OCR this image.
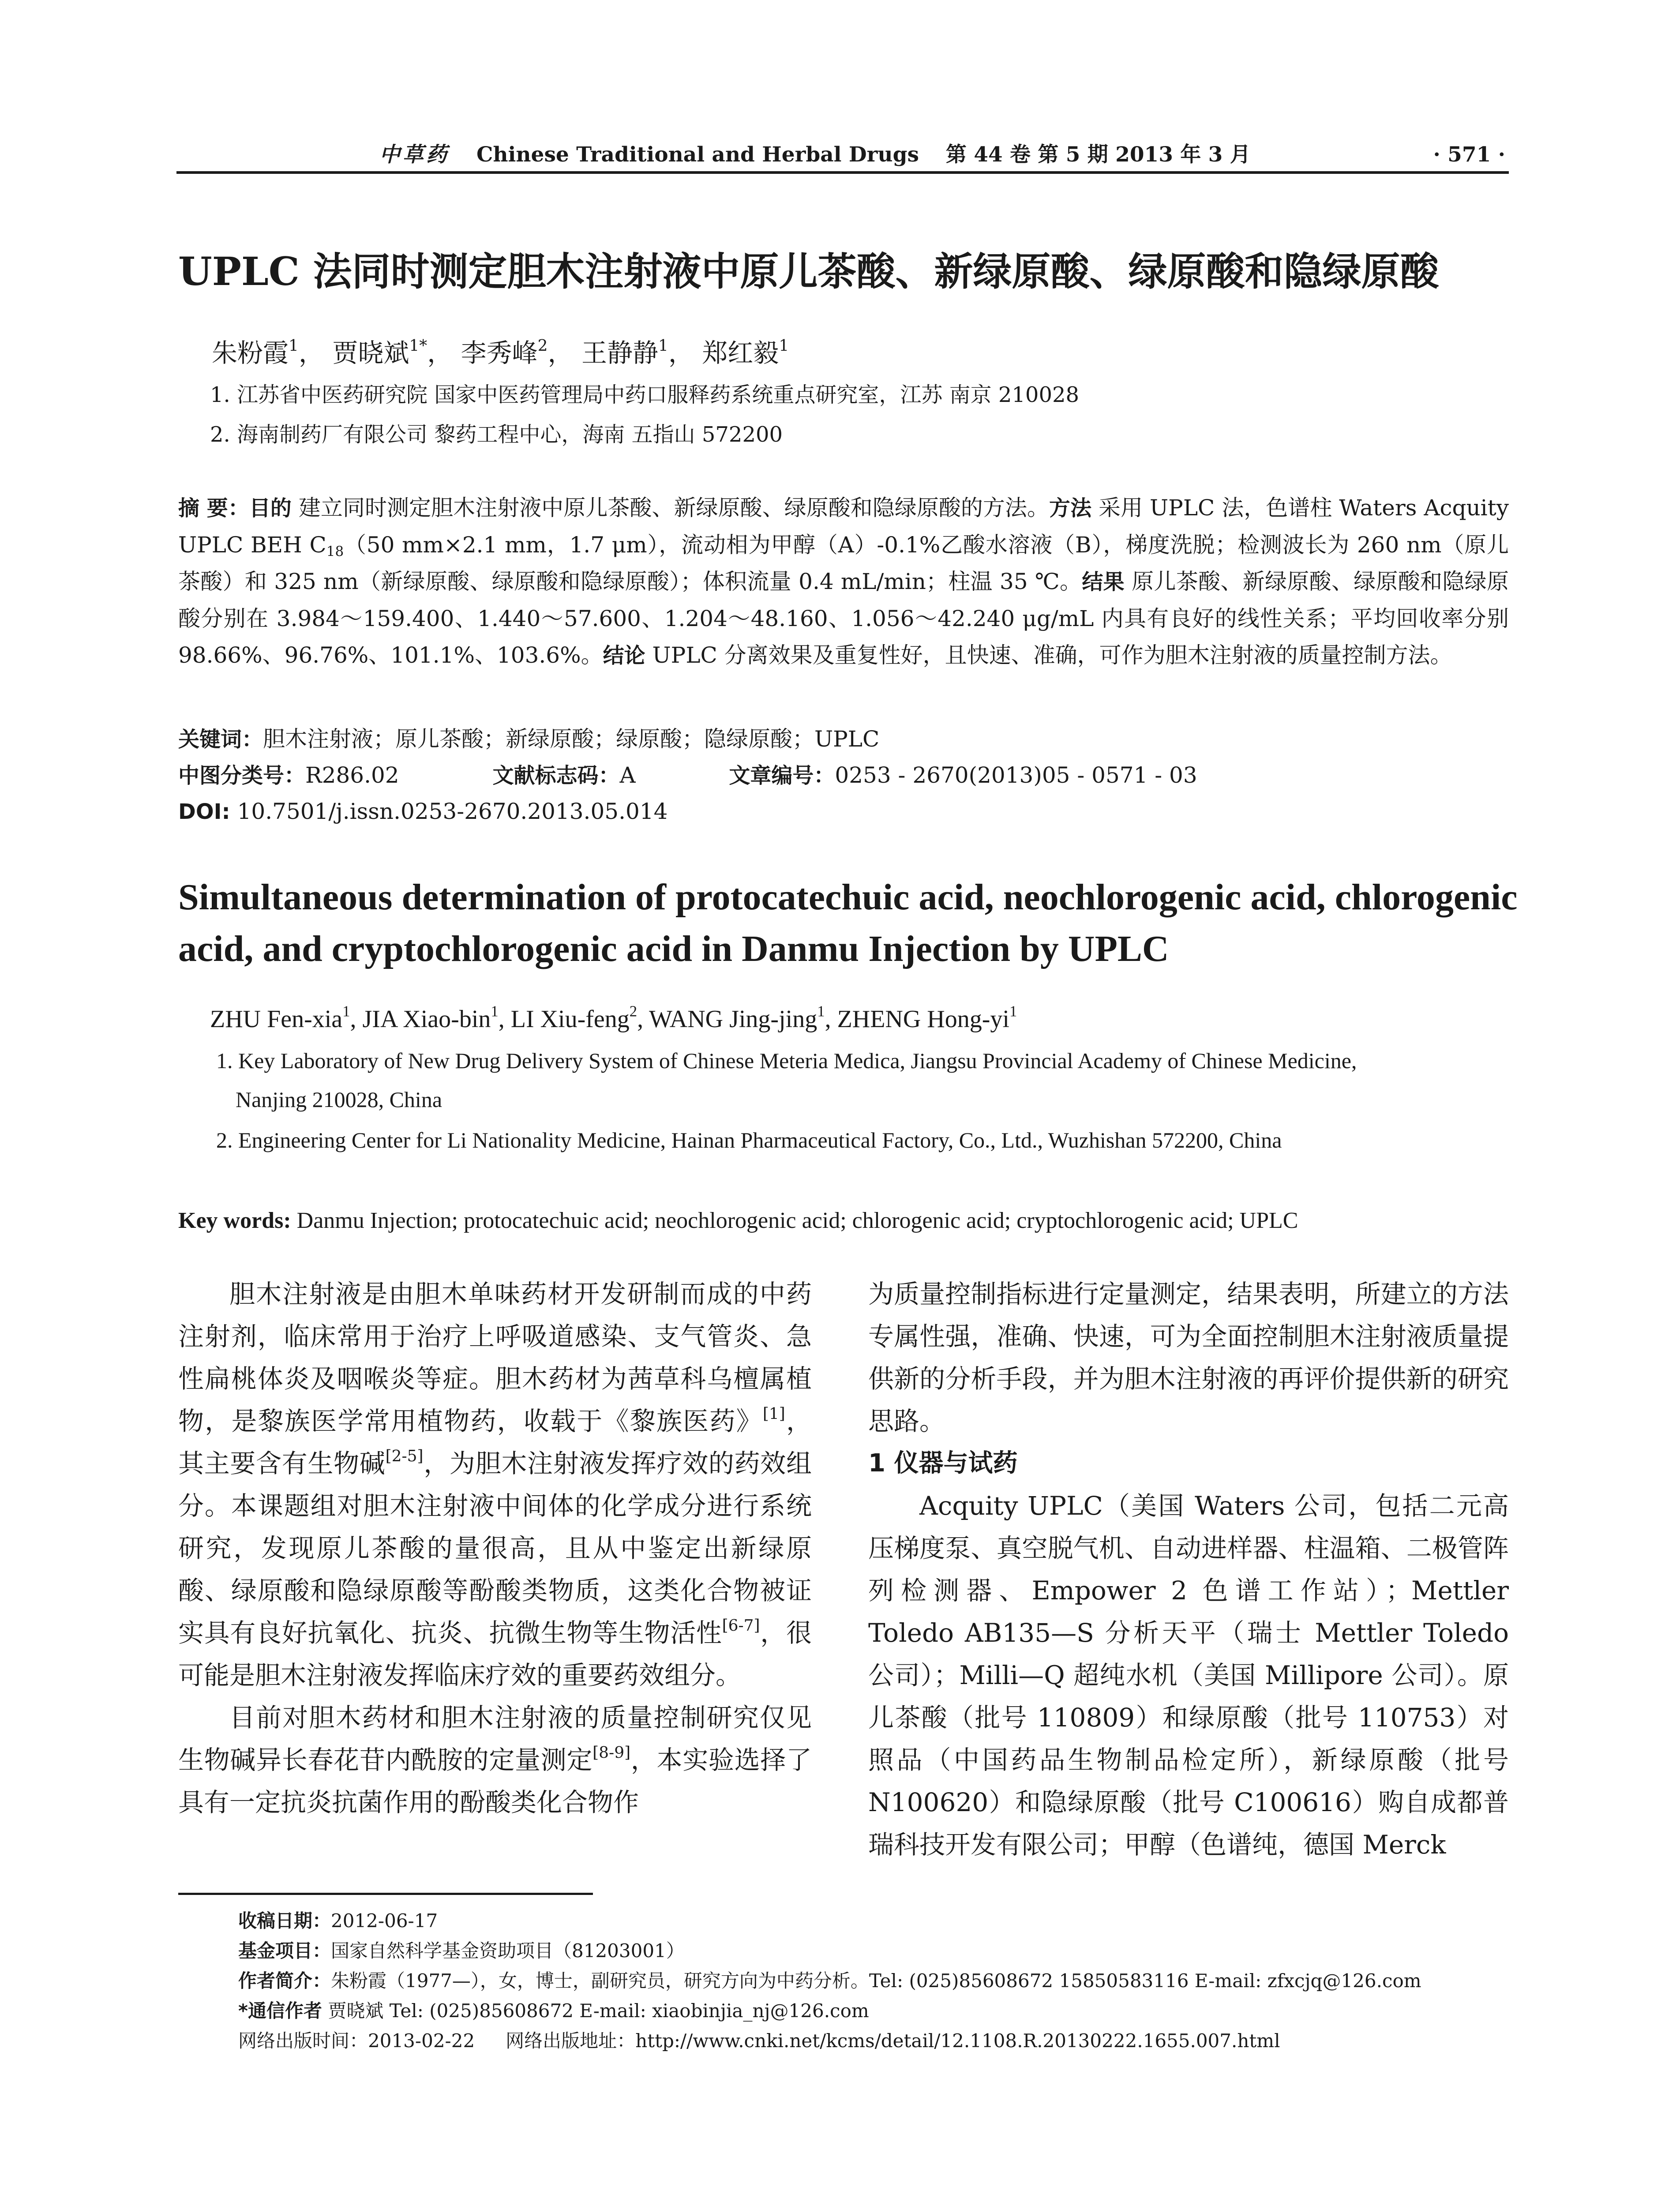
中草药 Chinese Traditional and Herbal Drugs 第 44 卷 第 5 期 2013 年 3 月	· 571 ·
UPLC 法同时测定胆木注射液中原儿茶酸、新绿原酸、绿原酸和隐绿原酸
朱粉霞$^1$， 贾晓斌$^{1*}$， 李秀峰$^2$， 王静静$^1$， 郑红毅$^1$
1. 江苏省中医药研究院 国家中医药管理局中药口服释药系统重点研究室，江苏 南京 210028
2. 海南制药厂有限公司 黎药工程中心，海南 五指山 572200
摘 要：目的 建立同时测定胆木注射液中原儿茶酸、新绿原酸、绿原酸和隐绿原酸的方法。方法 采用 UPLC 法，色谱柱 Waters Acquity UPLC BEH $C_{18}(50$ mm×2.1 mm，1.7 μm），流动相为甲醇（A）-0.1%乙酸水溶液（B），梯度洗脱；检测波长为 260 nm（原儿茶酸）和 325 nm（新绿原酸、绿原酸和隐绿原酸）；体积流量 0.4 mL/min；柱温 35 ℃。结果 原儿茶酸、新绿原酸、绿原酸和隐绿原酸分别在 3.984～159.400、1.440～57.600、1.204～48.160、1.056～42.240 μg/mL 内具有良好的线性关系；平均回收率分别 98.66%、96.76%、101.1%、103.6%。结论 UPLC 分离效果及重复性好，且快速、准确，可作为胆木注射液的质量控制方法。
关键词：胆木注射液；原儿茶酸；新绿原酸；绿原酸；隐绿原酸；UPLC
中图分类号：R286.02	文献标志码：A	文章编号：0253 - 2670(2013)05 - 0571 - 03
DOI: 10.7501/j.issn.0253-2670.2013.05.014
Simultaneous determination of protocatechuic acid, neochlorogenic acid, chlorogenic acid, and cryptochlorogenic acid in Danmu Injection by UPLC
ZHU Fen-xia$^1$, JIA Xiao-bin$^1$, LI Xiu-feng$^2$, WANG Jing-jing$^1$, ZHENG Hong-$yi^1$
1. Key Laboratory of New Drug Delivery System of Chinese Meteria Medica, Jiangsu Provincial Academy of Chinese Medicine,
Nanjing 210028, China
2. Engineering Center for Li Nationality Medicine, Hainan Pharmaceutical Factory, Co., Ltd., Wuzhishan 572200, China
Key words: Danmu Injection; protocatechuic acid; neochlorogenic acid; chlorogenic acid; cryptochlorogenic acid; UPLC

胆木注射液是由胆木单味药材开发研制而成的中药注射剂，临床常用于治疗上呼吸道感染、支气管炎、急性扁桃体炎及咽喉炎等症。胆木药材为茜草科乌檀属植物，是黎族医学常用植物药，收载于《黎族医药》[1]，其主要含有生物碱[2-5]，为胆木注射液发挥疗效的药效组分。本课题组对胆木注射液中间体的化学成分进行系统研究，发现原儿茶酸的量很高，且从中鉴定出新绿原酸、绿原酸和隐绿原酸等酚酸类物质，这类化合物被证实具有良好抗氧化、抗炎、抗微生物等生物活性[6-7]，很可能是胆木注射液发挥临床疗效的重要药效组分。

目前对胆木药材和胆木注射液的质量控制研究仅见生物碱异长春花苷内酰胺的定量测定[8-9]，本实验选择了具有一定抗炎抗菌作用的酚酸类化合物作

为质量控制指标进行定量测定，结果表明，所建立的方法专属性强，准确、快速，可为全面控制胆木注射液质量提供新的分析手段，并为胆木注射液的再评价提供新的研究思路。

1 仪器与试药

Acquity UPLC（美国 Waters 公司，包括二元高压梯度泵、真空脱气机、自动进样器、柱温箱、二极管阵列检测器、Empower 2 色谱工作站）；Mettler Toledo AB135—S 分析天平（瑞士 Mettler Toledo 公司）；Milli—Q 超纯水机（美国 Millipore 公司）。原儿茶酸（批号 110809）和绿原酸（批号 110753）对照品（中国药品生物制品检定所），新绿原酸（批号 N100620）和隐绿原酸（批号 C100616）购自成都普瑞科技开发有限公司；甲醇（色谱纯，德国 Merck

收稿日期：2012-06-17
基金项目：国家自然科学基金资助项目（81203001）
作者简介：朱粉霞（1977—），女，博士，副研究员，研究方向为中药分析。Tel: (025)85608672 15850583116 E-mail: zfxcjq@126.com
*通信作者 贾晓斌 Tel: (025)85608672 E-mail: xiaobinjia_nj@126.com
网络出版时间：2013-02-22 网络出版地址：http://www.cnki.net/kcms/detail/12.1108.R.20130222.1655.007.html
